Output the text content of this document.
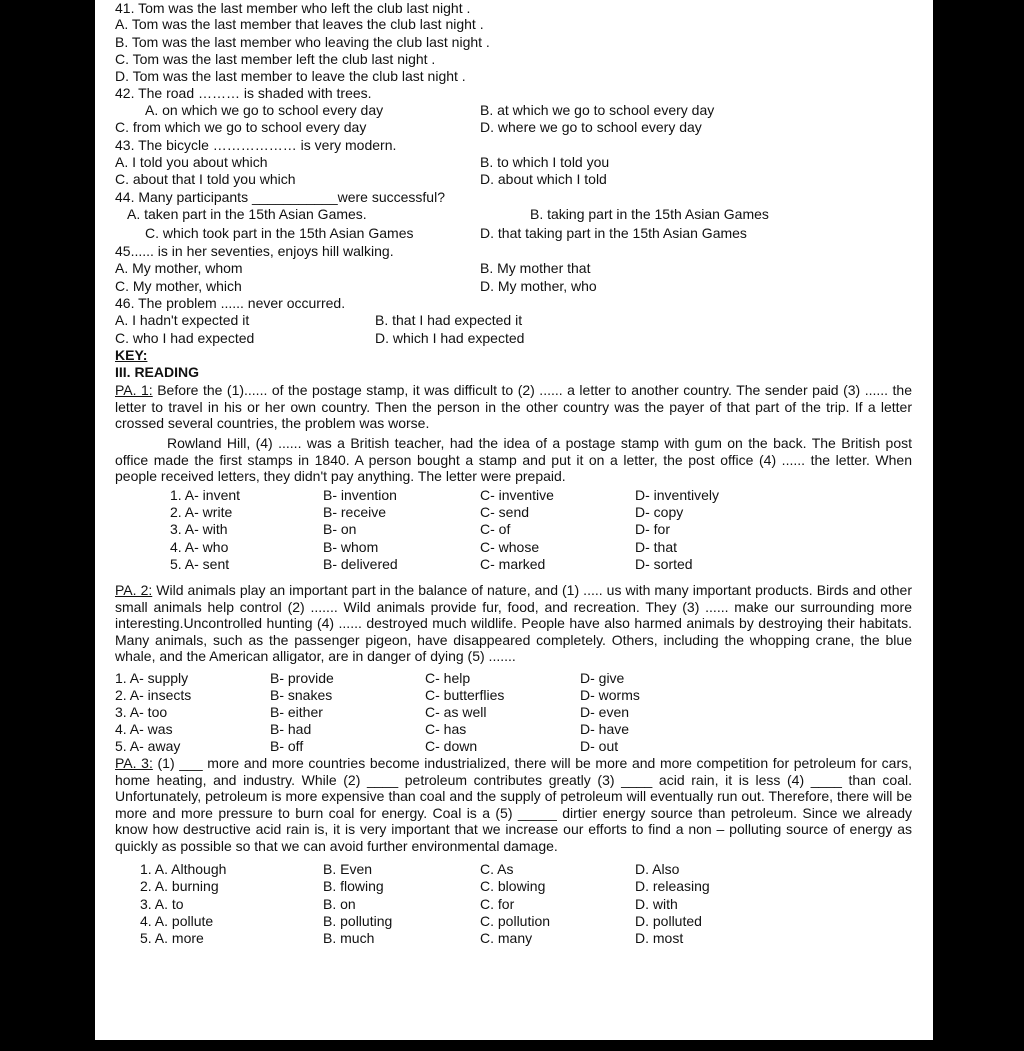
41. Tom was the last member who left the club last night .
A. Tom was the last member that leaves the club last night .
B. Tom was the last member who leaving the club last night .
C. Tom was the last member left the club last night .
D. Tom was the last member to leave the club last night .
42. The road ……… is shaded with trees.
A. on which we go to school every day	B. at which we go to school every day
C. from which we go to school every day	D. where we go to school every day
43. The bicycle ……………… is very modern.
A. I told you about which	B. to which I told you
C. about that I told you which	D. about which I told
44. Many participants ___________were successful?
A. taken part in the 15th Asian Games.	B. taking part in the 15th Asian Games
C. which took part in the 15th Asian Games	D. that taking part in the 15th Asian Games
45...... is in her seventies, enjoys hill walking.
A. My mother, whom	B. My mother that
C. My mother, which	D. My mother, who
46. The problem ...... never occurred.
A. I hadn't expected it	B. that I had expected it
C. who I had expected	D. which I had expected
KEY:
III. READING
PA. 1: Before the (1)...... of the postage stamp, it was difficult to (2) ...... a letter to another country. The sender paid (3) ...... the letter to travel in his or her own country. Then the person in the other country was the payer of that part of the trip. If a letter crossed several countries, the problem was worse.
Rowland Hill, (4) ...... was a British teacher, had the idea of a postage stamp with gum on the back. The British post office made the first stamps in 1840. A person bought a stamp and put it on a letter, the post office (4) ...... the letter. When people received letters, they didn't pay anything. The letter were prepaid.
1. A- invent	B- invention	C- inventive	D- inventively
2. A- write	B- receive	C- send	D- copy
3. A- with	B- on	C- of	D- for
4. A- who	B- whom	C- whose	D- that
5. A- sent	B- delivered	C- marked	D- sorted
PA. 2: Wild animals play an important part in the balance of nature, and (1) ..... us with many important products. Birds and other small animals help control (2) ....... Wild animals provide fur, food, and recreation. They (3) ...... make our surrounding more interesting.Uncontrolled hunting (4) ...... destroyed much wildlife. People have also harmed animals by destroying their habitats. Many animals, such as the passenger pigeon, have disappeared completely. Others, including the whopping crane, the blue whale, and the American alligator, are in danger of dying (5) .......
1. A- supply	B- provide	C- help	D- give
2. A- insects	B- snakes	C- butterflies	D- worms
3. A- too	B- either	C- as well	D- even
4. A- was	B- had	C- has	D- have
5. A- away	B- off	C- down	D- out
PA. 3: (1) ___ more and more countries become industrialized, there will be more and more competition for petroleum for cars, home heating, and industry. While (2) ____ petroleum contributes greatly (3) ____ acid rain, it is less (4) ____ than coal. Unfortunately, petroleum is more expensive than coal and the supply of petroleum will eventually run out. Therefore, there will be more and more pressure to burn coal for energy. Coal is a (5) _____ dirtier energy source than petroleum. Since we already know how destructive acid rain is, it is very important that we increase our efforts to find a non – polluting source of energy as quickly as possible so that we can avoid further environmental damage.
1. A. Although	B. Even	C. As	D. Also
2. A. burning	B. flowing	C. blowing	D. releasing
3. A. to	B. on	C. for	D. with
4. A. pollute	B. polluting	C. pollution	D. polluted
5. A. more	B. much	C. many	D. most
